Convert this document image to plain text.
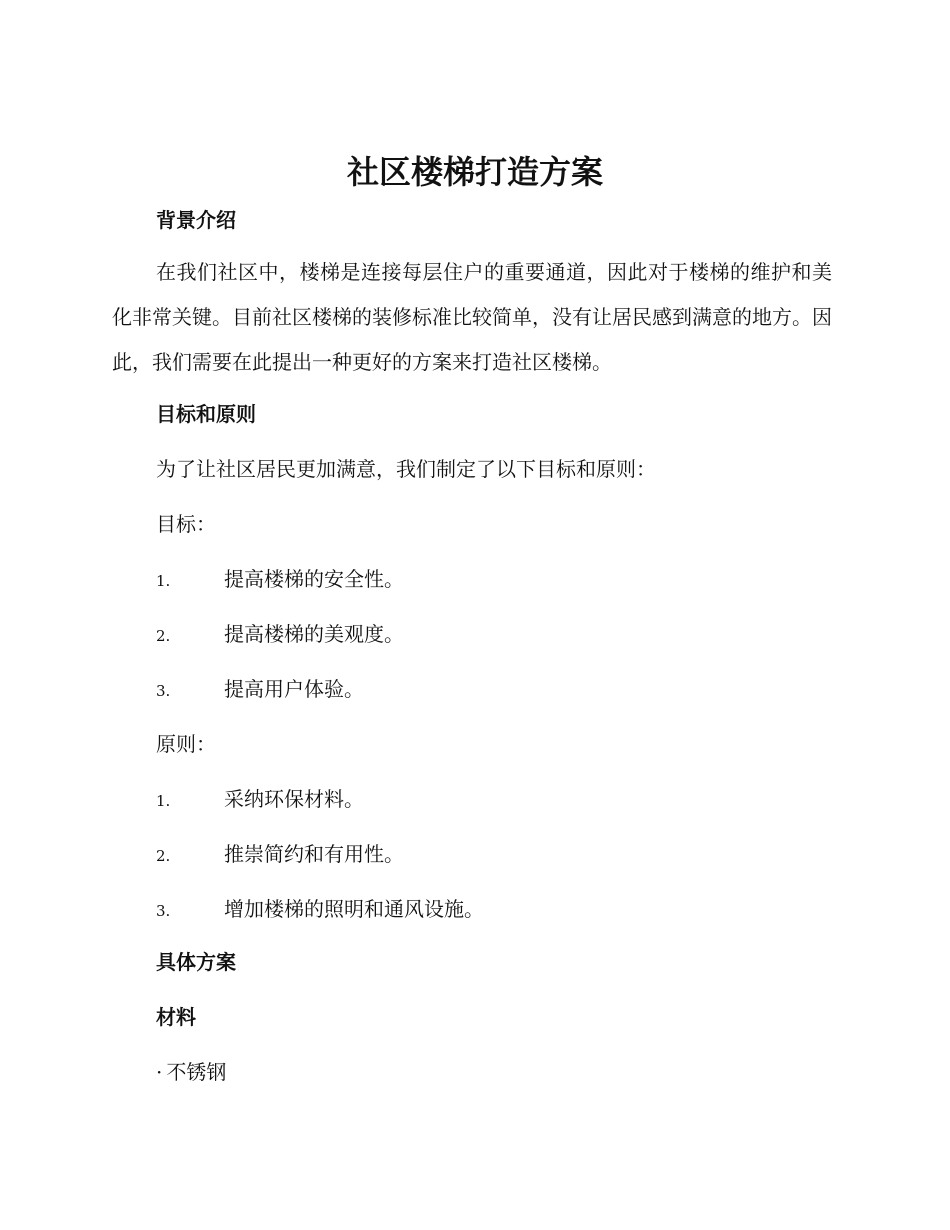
社区楼梯打造方案
背景介绍

在我们社区中，楼梯是连接每层住户的重要通道，因此对于楼梯的维护和美化非常关键。目前社区楼梯的装修标准比较简单，没有让居民感到满意的地方。因此，我们需要在此提出一种更好的方案来打造社区楼梯。

目标和原则

为了让社区居民更加满意，我们制定了以下目标和原则：

目标：

1.	提高楼梯的安全性。
2.	提高楼梯的美观度。
3.	提高用户体验。

原则：

1.	采纳环保材料。
2.	推崇简约和有用性。
3.	增加楼梯的照明和通风设施。
具体方案
材料
· 不锈钢
